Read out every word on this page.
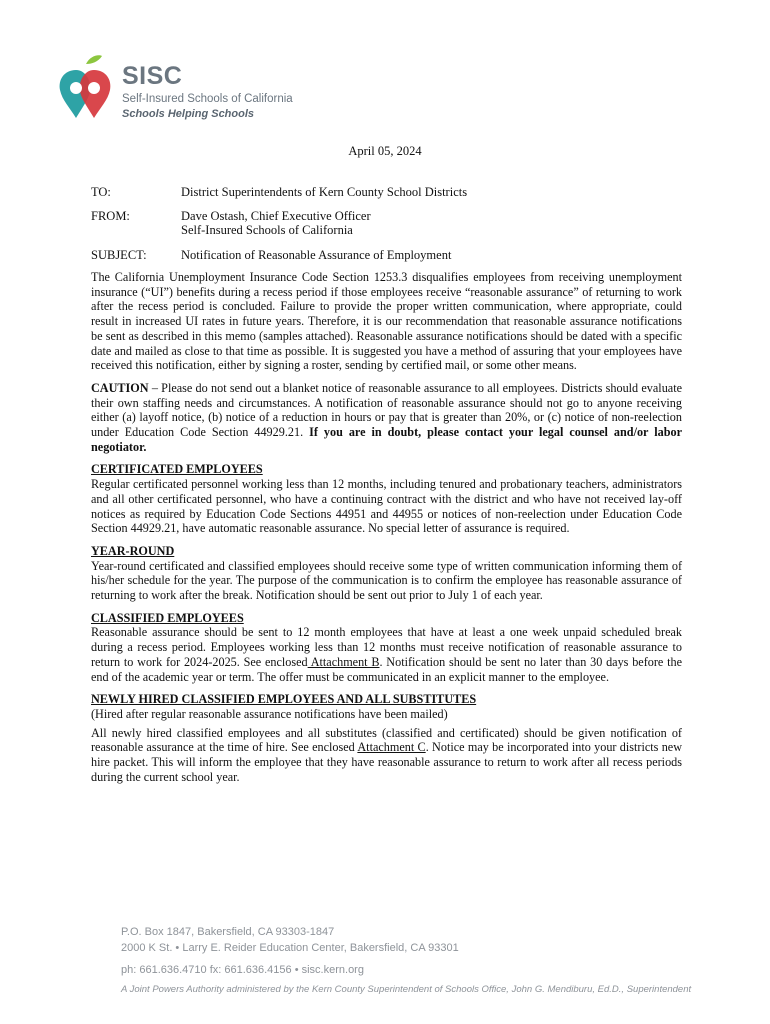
SISC
Self-Insured Schools of California
Schools Helping Schools
April 05, 2024
TO:	District Superintendents of Kern County School Districts
FROM:	Dave Ostash, Chief Executive Officer
Self-Insured Schools of California
SUBJECT:	Notification of Reasonable Assurance of Employment

The California Unemployment Insurance Code Section 1253.3 disqualifies employees from receiving unemployment insurance (“UI”) benefits during a recess period if those employees receive “reasonable assurance” of returning to work after the recess period is concluded. Failure to provide the proper written communication, where appropriate, could result in increased UI rates in future years. Therefore, it is our recommendation that reasonable assurance notifications be sent as described in this memo (samples attached). Reasonable assurance notifications should be dated with a specific date and mailed as close to that time as possible. It is suggested you have a method of assuring that your employees have received this notification, either by signing a roster, sending by certified mail, or some other means.

CAUTION – Please do not send out a blanket notice of reasonable assurance to all employees. Districts should evaluate their own staffing needs and circumstances. A notification of reasonable assurance should not go to anyone receiving either (a) layoff notice, (b) notice of a reduction in hours or pay that is greater than 20%, or (c) notice of non-reelection under Education Code Section 44929.21. If you are in doubt, please contact your legal counsel and/or labor negotiator.

CERTIFICATED EMPLOYEES
Regular certificated personnel working less than 12 months, including tenured and probationary teachers, administrators and all other certificated personnel, who have a continuing contract with the district and who have not received lay-off notices as required by Education Code Sections 44951 and 44955 or notices of non-reelection under Education Code Section 44929.21, have automatic reasonable assurance. No special letter of assurance is required.
YEAR-ROUND
Year-round certificated and classified employees should receive some type of written communication informing them of his/her schedule for the year. The purpose of the communication is to confirm the employee has reasonable assurance of returning to work after the break. Notification should be sent out prior to July 1 of each year.
CLASSIFIED EMPLOYEES
Reasonable assurance should be sent to 12 month employees that have at least a one week unpaid scheduled break during a recess period. Employees working less than 12 months must receive notification of reasonable assurance to return to work for 2024-2025. See enclosed Attachment B. Notification should be sent no later than 30 days before the end of the academic year or term. The offer must be communicated in an explicit manner to the employee.
NEWLY HIRED CLASSIFIED EMPLOYEES AND ALL SUBSTITUTES
(Hired after regular reasonable assurance notifications have been mailed)

All newly hired classified employees and all substitutes (classified and certificated) should be given notification of reasonable assurance at the time of hire. See enclosed Attachment C. Notice may be incorporated into your districts new hire packet. This will inform the employee that they have reasonable assurance to return to work after all recess periods during the current school year.

P.O. Box 1847, Bakersfield, CA 93303-1847
2000 K St. • Larry E. Reider Education Center, Bakersfield, CA 93301
ph: 661.636.4710 fx: 661.636.4156 • sisc.kern.org
A Joint Powers Authority administered by the Kern County Superintendent of Schools Office, John G. Mendiburu, Ed.D., Superintendent
